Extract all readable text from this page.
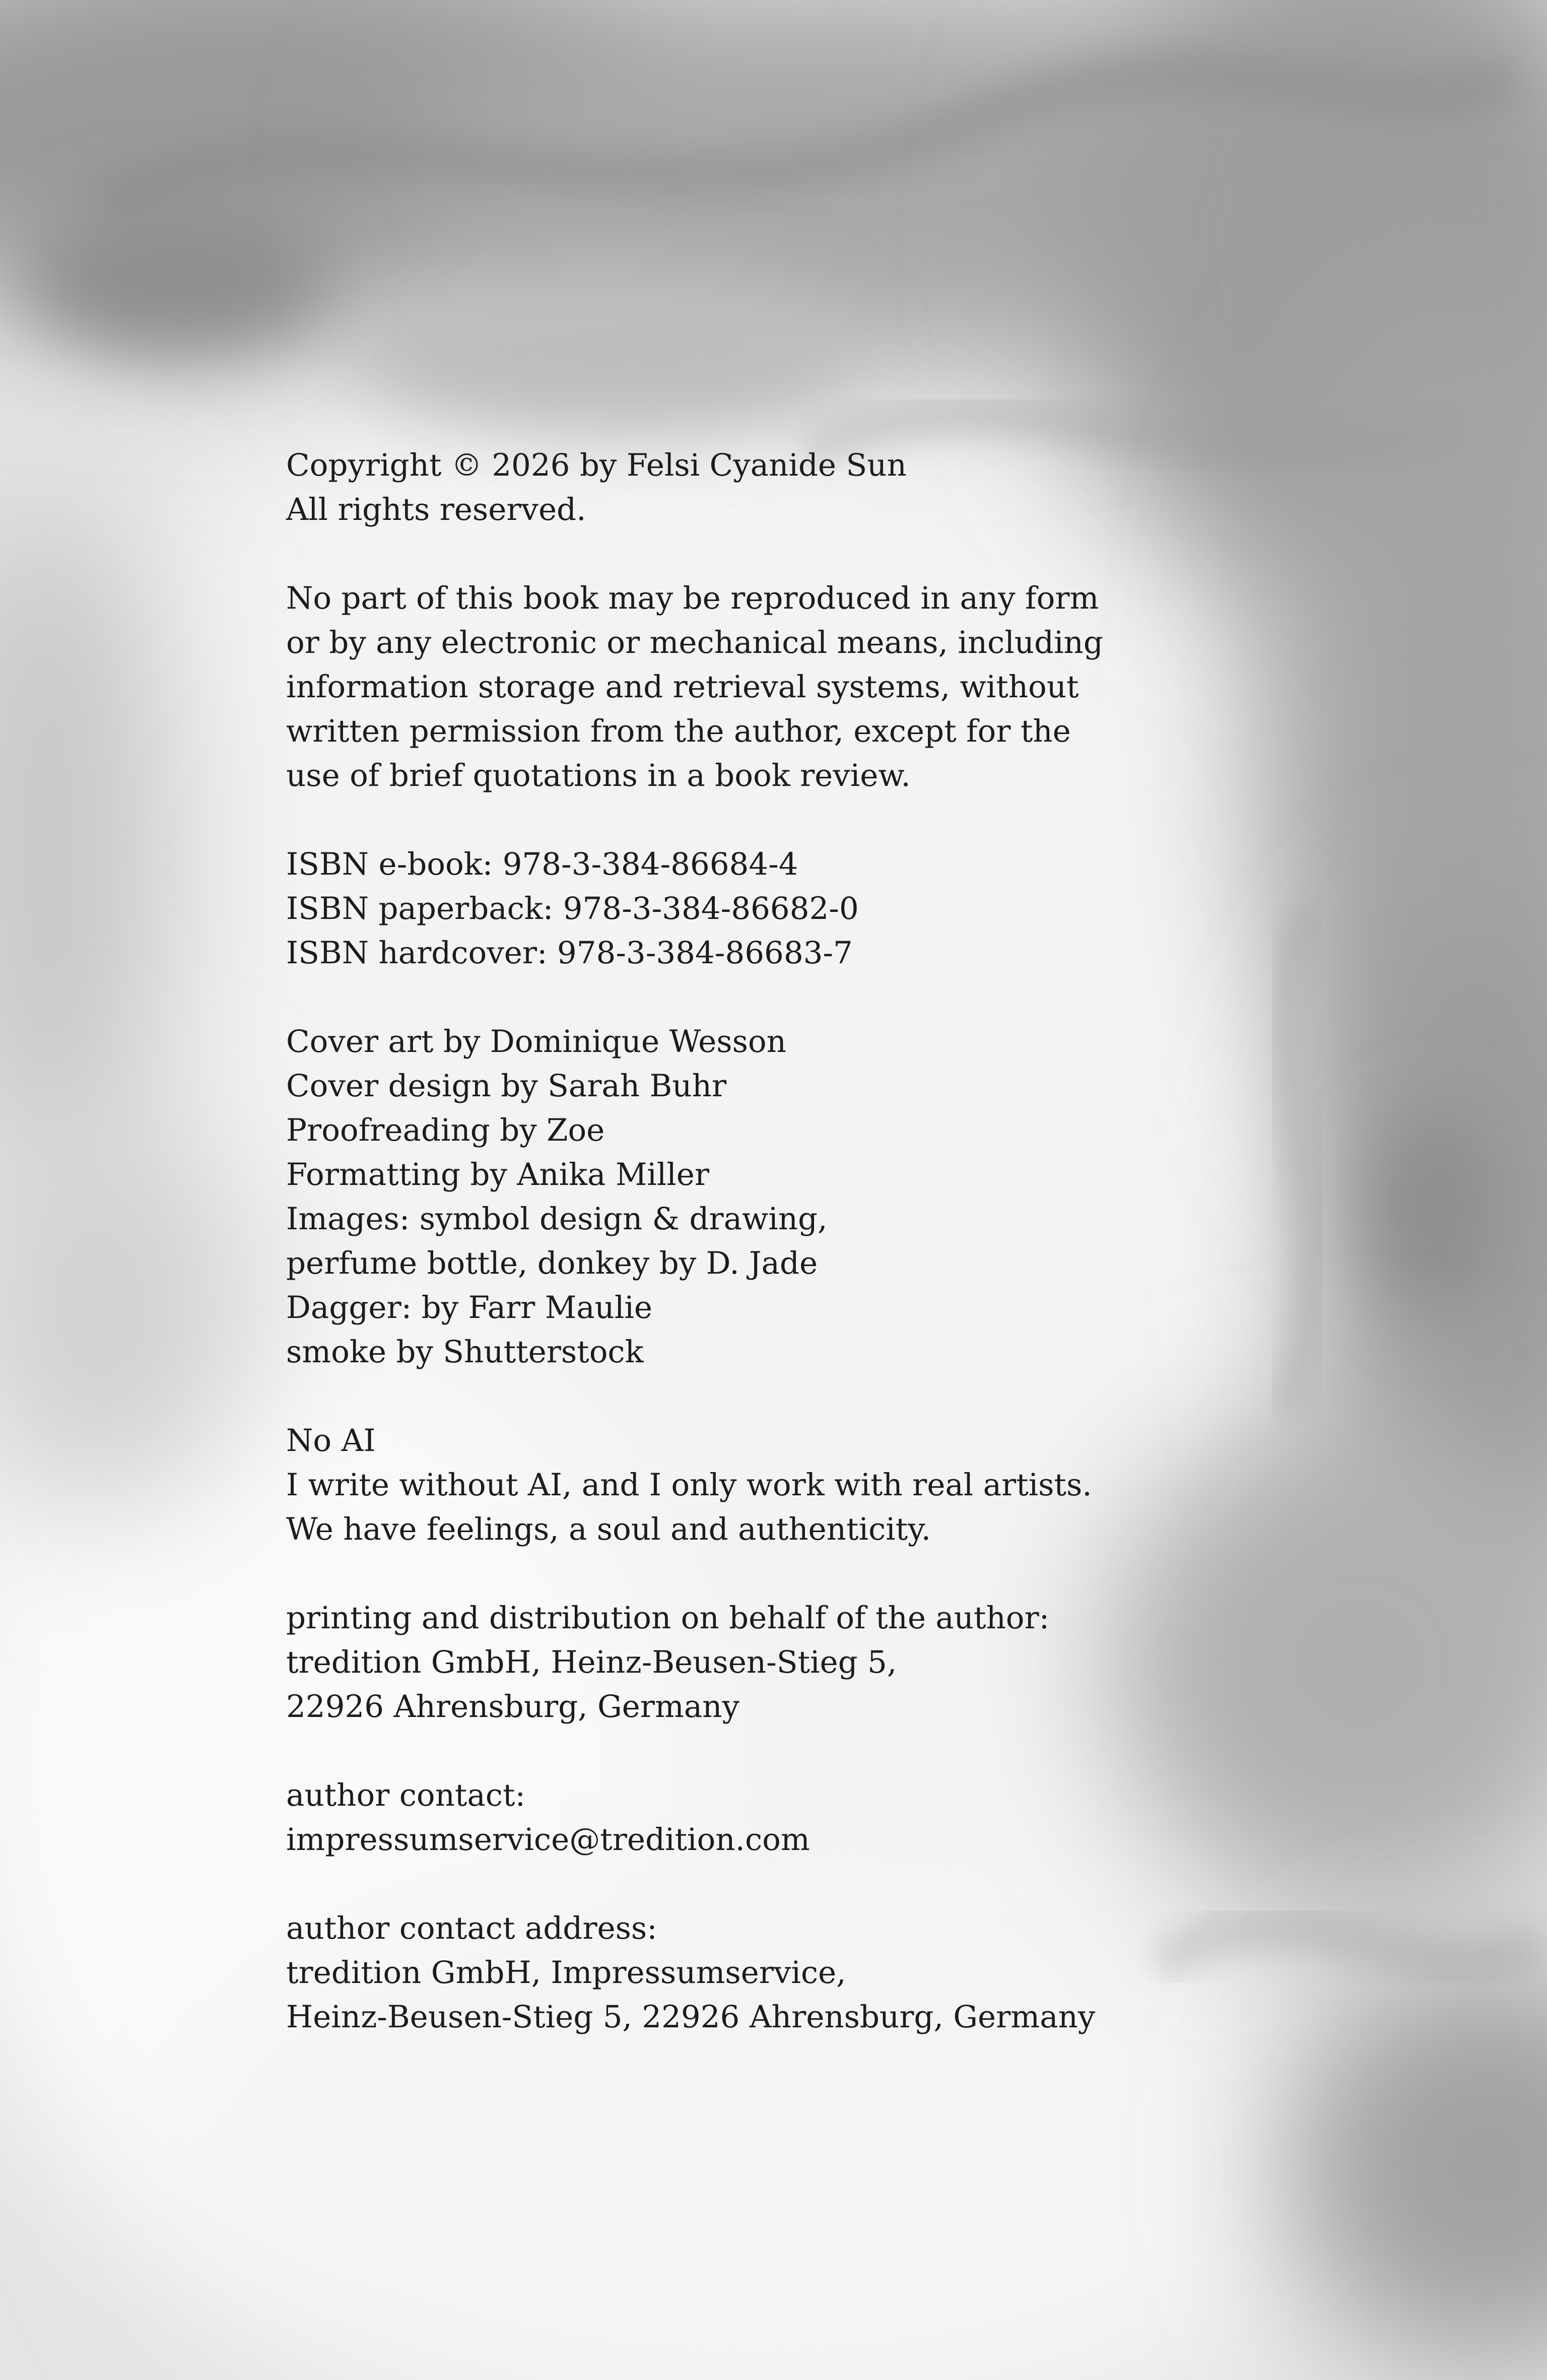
Copyright © 2026 by Felsi Cyanide Sun
All rights reserved.

No part of this book may be reproduced in any form
or by any electronic or mechanical means, including
information storage and retrieval systems, without
written permission from the author, except for the
use of brief quotations in a book review.

ISBN e-book: 978-3-384-86684-4
ISBN paperback: 978-3-384-86682-0
ISBN hardcover: 978-3-384-86683-7

Cover art by Dominique Wesson
Cover design by Sarah Buhr
Proofreading by Zoe
Formatting by Anika Miller
Images: symbol design & drawing,
perfume bottle, donkey by D. Jade
Dagger: by Farr Maulie
smoke by Shutterstock

No AI
I write without AI, and I only work with real artists.
We have feelings, a soul and authenticity.

printing and distribution on behalf of the author:
tredition GmbH, Heinz-Beusen-Stieg 5,
22926 Ahrensburg, Germany

author contact:
impressumservice@tredition.com

author contact address:
tredition GmbH, Impressumservice,
Heinz-Beusen-Stieg 5, 22926 Ahrensburg, Germany
